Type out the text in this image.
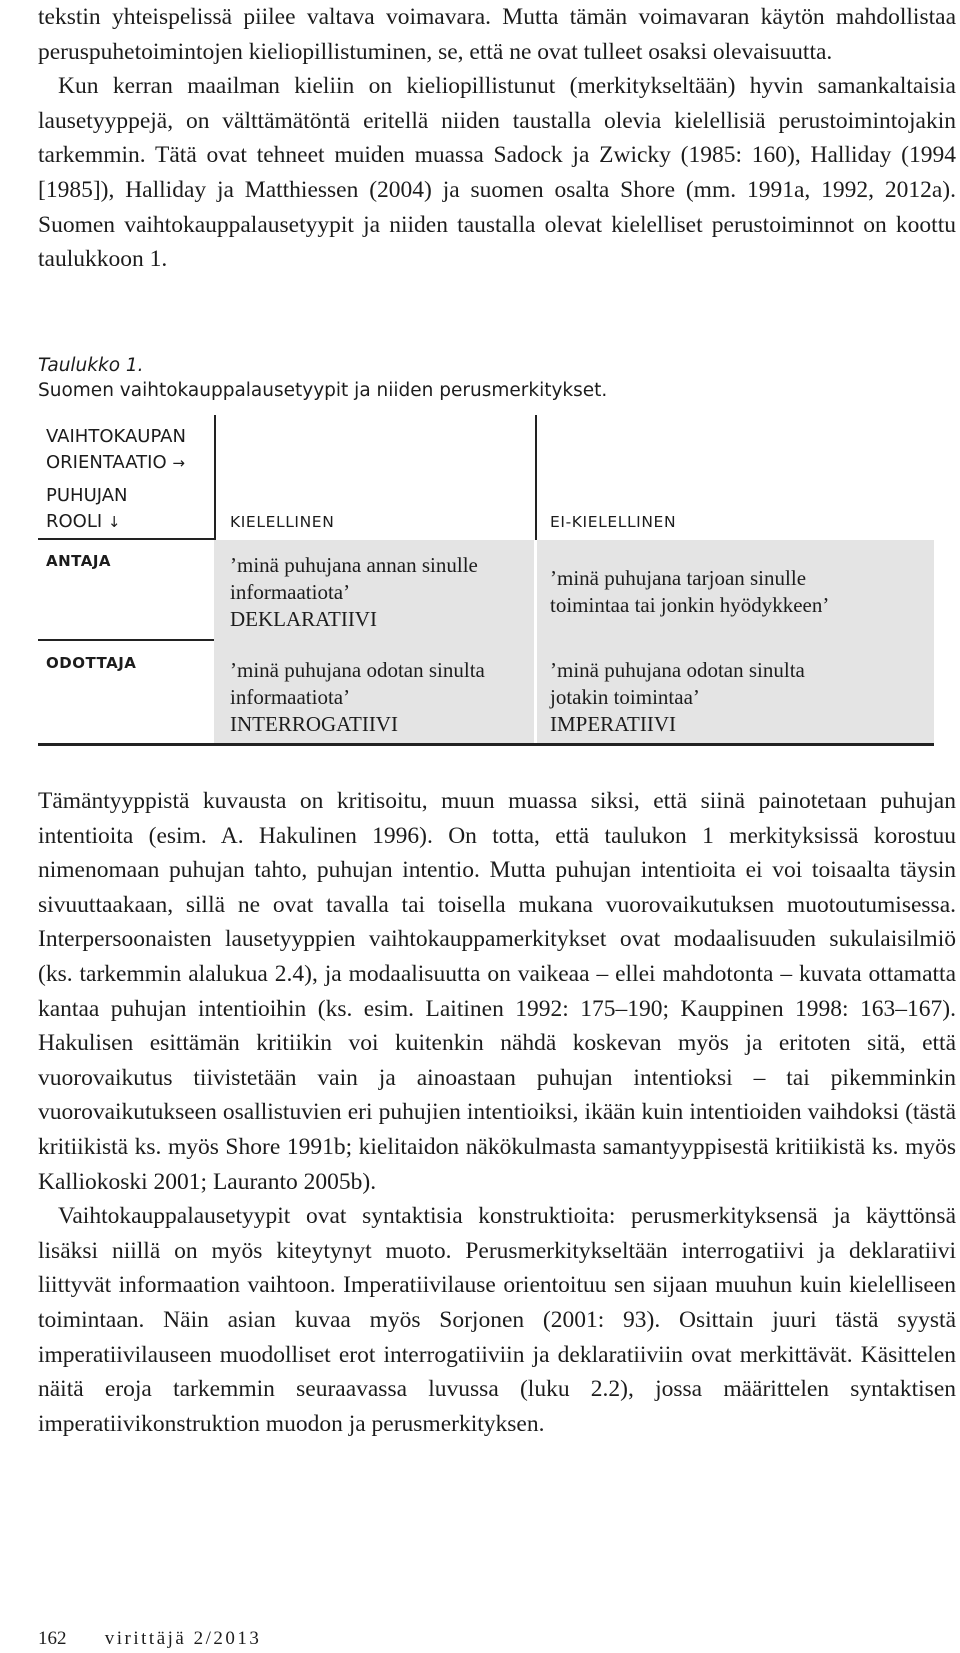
tekstin yhteispelissä piilee valtava voimavara. Mutta tämän voimavaran käytön mahdollistaa peruspuhetoimintojen kieliopillistuminen, se, että ne ovat tulleet osaksi olevaisuutta.

Kun kerran maailman kieliin on kieliopillistunut (merkitykseltään) hyvin samankaltaisia lausetyyppejä, on välttämätöntä eritellä niiden taustalla olevia kielellisiä perustoimintojakin tarkemmin. Tätä ovat tehneet muiden muassa Sadock ja Zwicky (1985: 160), Halliday (1994 [1985]), Halliday ja Matthiessen (2004) ja suomen osalta Shore (mm. 1991a, 1992, 2012a). Suomen vaihtokauppalausetyypit ja niiden taustalla olevat kielelliset perustoiminnot on koottu taulukkoon 1.

Taulukko 1.
Suomen vaihtokauppalausetyypit ja niiden perusmerkitykset.
VAIHTOKAUPAN
ORIENTAATIO →
PUHUJAN
ROOLI ↓	KIELELLINEN	EI-KIELELLINEN
ANTAJA
ODOTTAJA
’minä puhujana annan sinulle
informaatiota’
DEKLARATIIVI
’minä puhujana tarjoan sinulle
toimintaa tai jonkin hyödykkeen’
’minä puhujana odotan sinulta
informaatiota’
INTERROGATIIVI
’minä puhujana odotan sinulta
jotakin toimintaa’
IMPERATIIVI

Tämäntyyppistä kuvausta on kritisoitu, muun muassa siksi, että siinä painotetaan puhujan intentioita (esim. A. Hakulinen 1996). On totta, että taulukon 1 merkityksissä korostuu nimenomaan puhujan tahto, puhujan intentio. Mutta puhujan intentioita ei voi toisaalta täysin sivuuttaakaan, sillä ne ovat tavalla tai toisella mukana vuorovaikutuksen muotoutumisessa. Interpersoonaisten lausetyyppien vaihtokauppamerkitykset ovat modaalisuuden sukulaisilmiö (ks. tarkemmin alalukua 2.4), ja modaalisuutta on vaikeaa – ellei mahdotonta – kuvata ottamatta kantaa puhujan intentioihin (ks. esim. Laitinen 1992: 175–190; Kauppinen 1998: 163–167). Hakulisen esittämän kritiikin voi kuitenkin nähdä koskevan myös ja eritoten sitä, että vuorovaikutus tiivistetään vain ja ainoastaan puhujan intentioksi – tai pikemminkin vuorovaikutukseen osallistuvien eri puhujien intentioiksi, ikään kuin intentioiden vaihdoksi (tästä kritiikistä ks. myös Shore 1991b; kielitaidon näkökulmasta samantyyppisestä kritiikistä ks. myös Kalliokoski 2001; Lauranto 2005b).

Vaihtokauppalausetyypit ovat syntaktisia konstruktioita: perusmerkityksensä ja käyttönsä lisäksi niillä on myös kiteytynyt muoto. Perusmerkitykseltään interrogatiivi ja deklaratiivi liittyvät informaation vaihtoon. Imperatiivilause orientoituu sen sijaan muuhun kuin kielelliseen toimintaan. Näin asian kuvaa myös Sorjonen (2001: 93). Osittain juuri tästä syystä imperatiivilauseen muodolliset erot interrogatiiviin ja deklaratiiviin ovat merkittävät. Käsittelen näitä eroja tarkemmin seuraavassa luvussa (luku 2.2), jossa määrittelen syntaktisen imperatiivikonstruktion muodon ja perusmerkityksen.

162 virittäjä 2/2013
